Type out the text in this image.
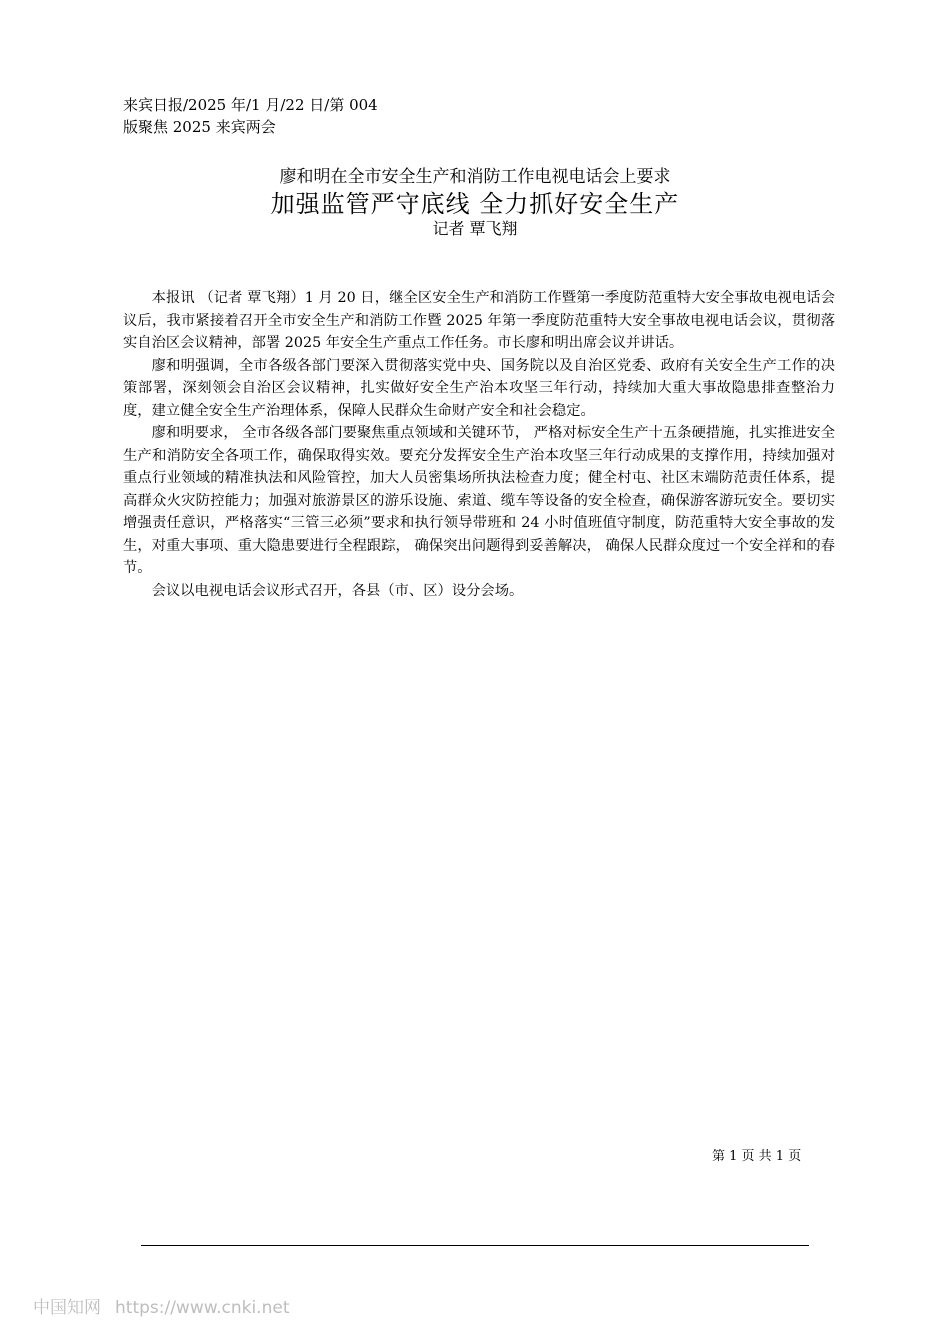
来宾日报/2025 年/1 月/22 日/第 004
版聚焦 2025 来宾两会
廖和明在全市安全生产和消防工作电视电话会上要求
加强监管严守底线 全力抓好安全生产
记者 覃飞翔

本报讯 （记者 覃飞翔）1 月 20 日，继全区安全生产和消防工作暨第一季度防范重特大安全事故电视电话会议后，我市紧接着召开全市安全生产和消防工作暨 2025 年第一季度防范重特大安全事故电视电话会议，贯彻落实自治区会议精神，部署 2025 年安全生产重点工作任务。市长廖和明出席会议并讲话。

廖和明强调，全市各级各部门要深入贯彻落实党中央、国务院以及自治区党委、政府有关安全生产工作的决策部署，深刻领会自治区会议精神，扎实做好安全生产治本攻坚三年行动，持续加大重大事故隐患排查整治力度，建立健全安全生产治理体系，保障人民群众生命财产安全和社会稳定。

廖和明要求， 全市各级各部门要聚焦重点领域和关键环节， 严格对标安全生产十五条硬措施，扎实推进安全生产和消防安全各项工作，确保取得实效。要充分发挥安全生产治本攻坚三年行动成果的支撑作用，持续加强对重点行业领域的精准执法和风险管控，加大人员密集场所执法检查力度；健全村屯、社区末端防范责任体系，提高群众火灾防控能力；加强对旅游景区的游乐设施、索道、缆车等设备的安全检查，确保游客游玩安全。要切实增强责任意识，严格落实“三管三必须”要求和执行领导带班和 24 小时值班值守制度，防范重特大安全事故的发生，对重大事项、重大隐患要进行全程跟踪， 确保突出问题得到妥善解决， 确保人民群众度过一个安全祥和的春节。

会议以电视电话会议形式召开，各县（市、区）设分会场。

第 1 页 共 1 页
中国知网 https://www.cnki.net
